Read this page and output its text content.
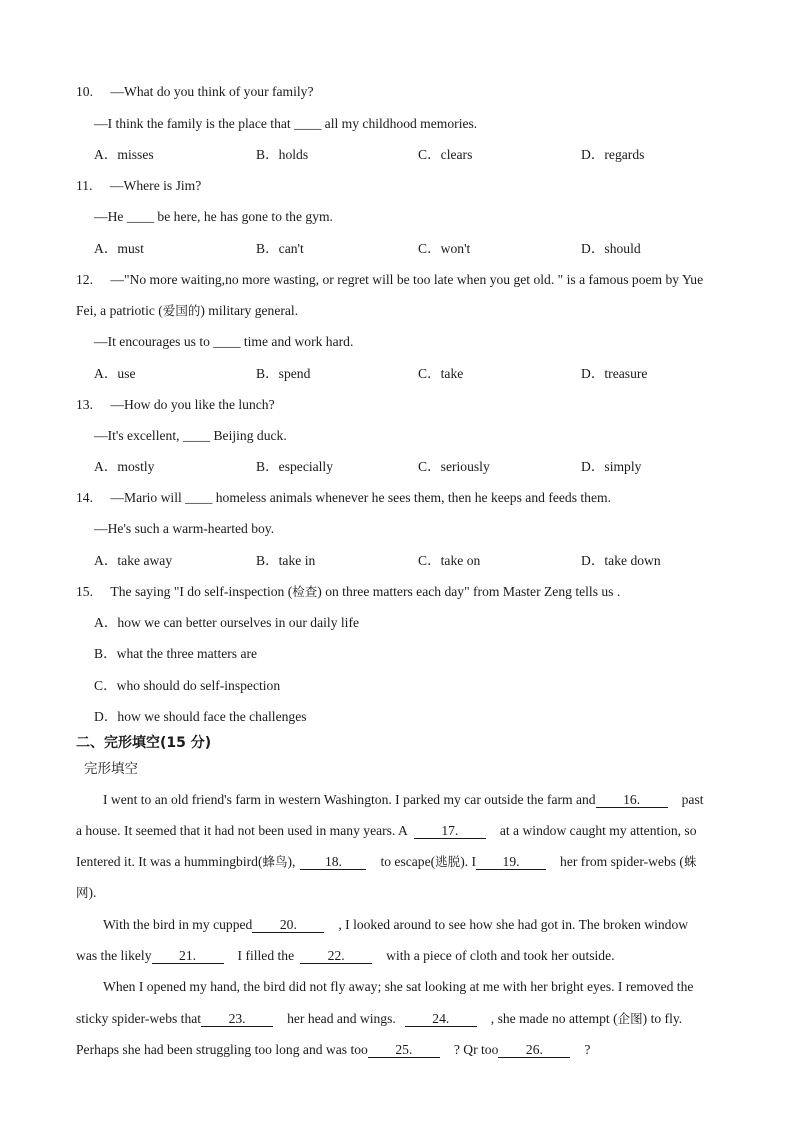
10. —What do you think of your family?
—I think the family is the place that ____ all my childhood memories.
A．misses	B．holds	C．clears	D．regards
11. —Where is Jim?
—He ____ be here, he has gone to the gym.
A．must	B．can't	C．won't	D．should
12. —"No more waiting,no more wasting, or regret will be too late when you get old. " is a famous poem by Yue
Fei, a patriotic (爱国的) military general.
—It encourages us to ____ time and work hard.
A．use	B．spend	C．take	D．treasure
13. —How do you like the lunch?
—It's excellent, ____ Beijing duck.
A．mostly	B．especially	C．seriously	D．simply
14. —Mario will ____ homeless animals whenever he sees them, then he keeps and feeds them.
—He's such a warm-hearted boy.
A．take away	B．take in	C．take on	D．take down
15. The saying "I do self-inspection (检查) on three matters each day" from Master Zeng tells us .
A．how we can better ourselves in our daily life
B．what the three matters are
C．who should do self-inspection
D．how we should face the challenges
二、完形填空(15 分)
完形填空
I went to an old friend's farm in western Washington. I parked my car outside the farm and 16.	past
a house. It seemed that it had not been used in many years. A 17.	at a window caught my attention, so
Ientered it. It was a hummingbird(蜂鸟), 18.	to escape(逃脱). I 19.	her from spider-webs (蛛
网).
With the bird in my cupped 20.	, I looked around to see how she had got in. The broken window
was the likely 21.	I filled the 22.	with a piece of cloth and took her outside.
When I opened my hand, the bird did not fly away; she sat looking at me with her bright eyes. I removed the
sticky spider-webs that 23.	her head and wings.	24.	, she made no attempt (企图) to fly.
Perhaps she had been struggling too long and was too 25.	? Qr too 26.	?
